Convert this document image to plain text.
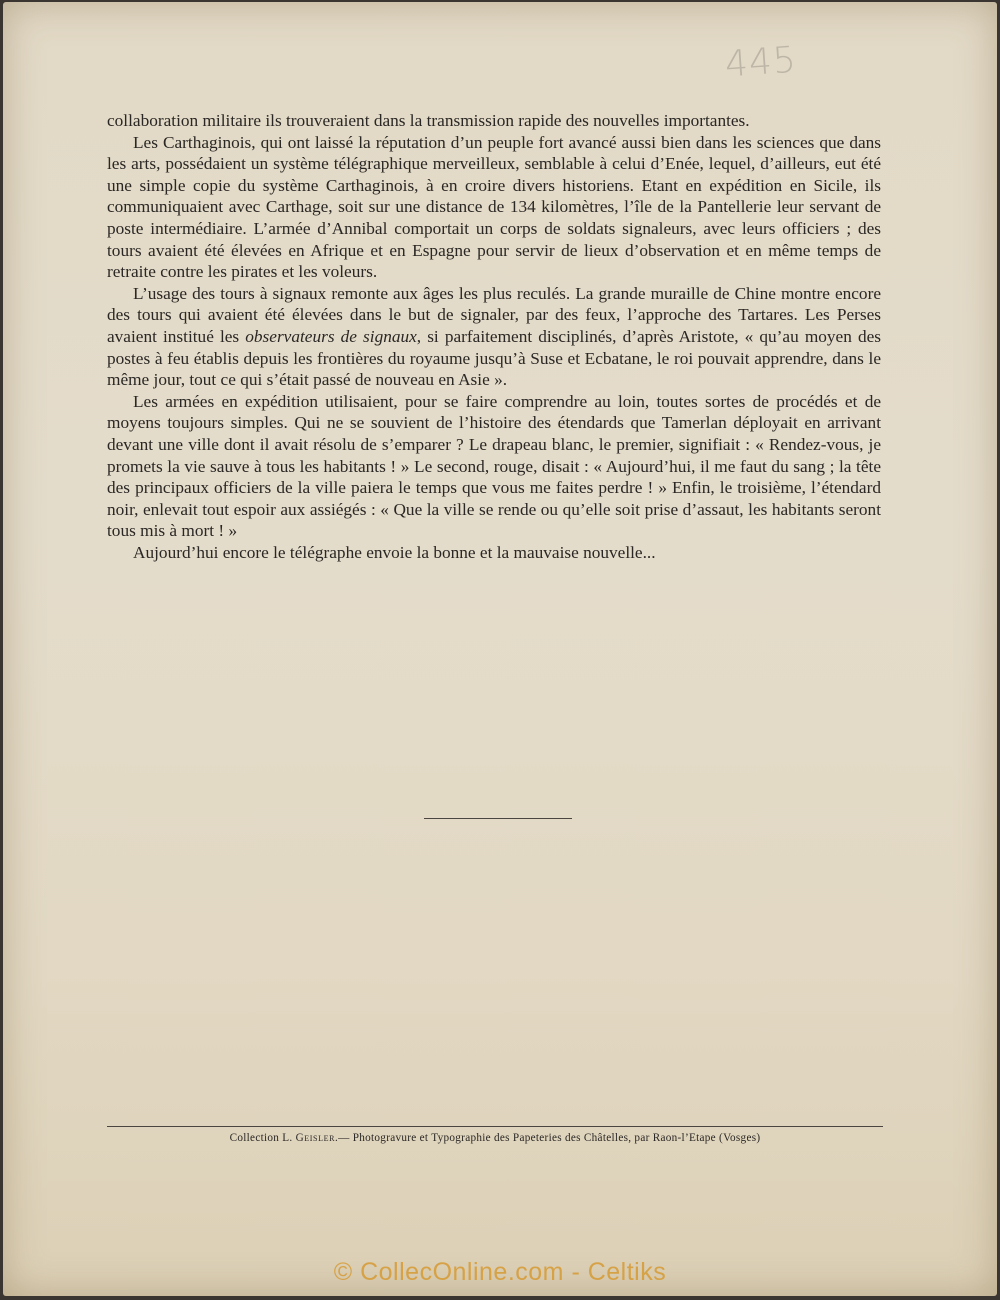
445

collaboration militaire ils trouveraient dans la transmission rapide des nouvelles importantes.

Les Carthaginois, qui ont laissé la réputation d’un peuple fort avancé aussi bien dans les sciences que dans les arts, possédaient un système télégraphique merveilleux, semblable à celui d’Enée, lequel, d’ailleurs, eut été une simple copie du système Carthaginois, à en croire divers historiens. Etant en expédition en Sicile, ils communiquaient avec Carthage, soit sur une distance de 134 kilomètres, l’île de la Pantellerie leur servant de poste intermédiaire. L’armée d’Annibal comportait un corps de soldats signaleurs, avec leurs officiers ; des tours avaient été élevées en Afrique et en Espagne pour servir de lieux d’observation et en même temps de retraite contre les pirates et les voleurs.

L’usage des tours à signaux remonte aux âges les plus reculés. La grande muraille de Chine montre encore des tours qui avaient été élevées dans le but de signaler, par des feux, l’approche des Tartares. Les Perses avaient institué les observateurs de signaux, si parfaitement disciplinés, d’après Aristote, « qu’au moyen des postes à feu établis depuis les frontières du royaume jusqu’à Suse et Ecbatane, le roi pouvait apprendre, dans le même jour, tout ce qui s’était passé de nouveau en Asie ».

Les armées en expédition utilisaient, pour se faire comprendre au loin, toutes sortes de procédés et de moyens toujours simples. Qui ne se souvient de l’histoire des étendards que Tamerlan déployait en arrivant devant une ville dont il avait résolu de s’emparer ? Le drapeau blanc, le premier, signifiait : « Rendez-vous, je promets la vie sauve à tous les habitants ! » Le second, rouge, disait : « Aujourd’hui, il me faut du sang ; la tête des principaux officiers de la ville paiera le temps que vous me faites perdre ! » Enfin, le troisième, l’étendard noir, enlevait tout espoir aux assiégés : « Que la ville se rende ou qu’elle soit prise d’assaut, les habitants seront tous mis à mort ! »

Aujourd’hui encore le télégraphe envoie la bonne et la mauvaise nouvelle...

Collection L. Geisler.— Photogravure et Typographie des Papeteries des Châtelles, par Raon-l’Etape (Vosges)
© CollecOnline.com - Celtiks
